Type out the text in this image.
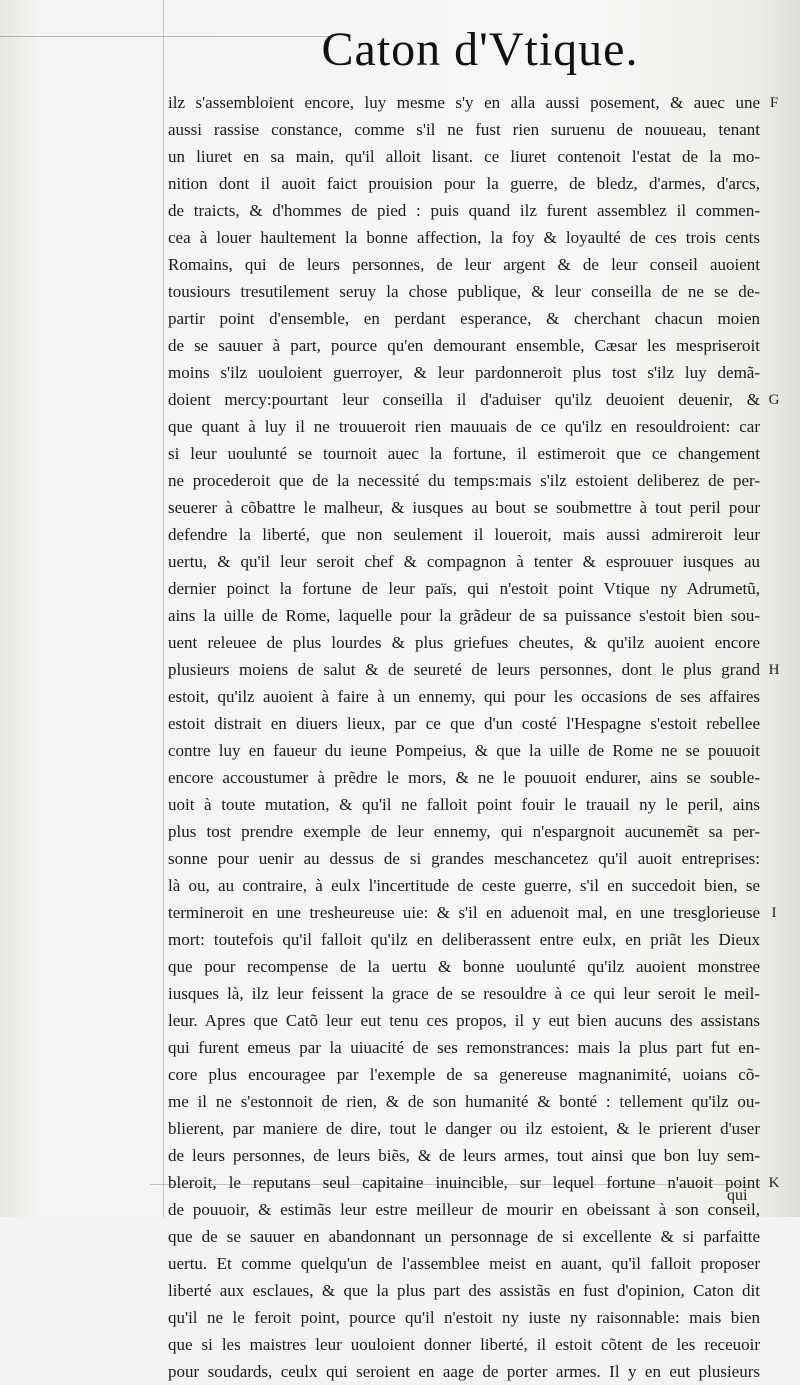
Caton d'Vtique.
ilz s'assembloient encore, luy mesme s'y en alla aussi posement, & auec une
aussi rassise constance, comme s'il ne fust rien suruenu de nouueau, tenant
un liuret en sa main, qu'il alloit lisant. ce liuret contenoit l'estat de la mo-
nition dont il auoit faict prouision pour la guerre, de bledz, d'armes, d'arcs,
de traicts, & d'hommes de pied : puis quand ilz furent assemblez il commen-
cea à louer haultement la bonne affection, la foy & loyaulté de ces trois cents
Romains, qui de leurs personnes, de leur argent & de leur conseil auoient
tousiours tresutilement seruy la chose publique, & leur conseilla de ne se de-
partir point d'ensemble, en perdant esperance, & cherchant chacun moien
de se sauuer à part, pource qu'en demourant ensemble, Cæsar les mespriseroit
moins s'ilz uouloient guerroyer, & leur pardonneroit plus tost s'ilz luy demã-
doient mercy:pourtant leur conseilla il d'aduiser qu'ilz deuoient deuenir, &
que quant à luy il ne trouueroit rien mauuais de ce qu'ilz en resouldroient: car
si leur uoulunté se tournoit auec la fortune, il estimeroit que ce changement
ne procederoit que de la necessité du temps:mais s'ilz estoient deliberez de per-
seuerer à cõbattre le malheur, & iusques au bout se soubmettre à tout peril pour
defendre la liberté, que non seulement il loueroit, mais aussi admireroit leur
uertu, & qu'il leur seroit chef & compagnon à tenter & esprouuer iusques au
dernier poinct la fortune de leur païs, qui n'estoit point Vtique ny Adrumetũ,
ains la uille de Rome, laquelle pour la grãdeur de sa puissance s'estoit bien sou-
uent releuee de plus lourdes & plus griefues cheutes, & qu'ilz auoient encore
plusieurs moiens de salut & de seureté de leurs personnes, dont le plus grand
estoit, qu'ilz auoient à faire à un ennemy, qui pour les occasions de ses affaires
estoit distrait en diuers lieux, par ce que d'un costé l'Hespagne s'estoit rebellee
contre luy en faueur du ieune Pompeius, & que la uille de Rome ne se pouuoit
encore accoustumer à prẽdre le mors, & ne le pouuoit endurer, ains se souble-
uoit à toute mutation, & qu'il ne falloit point fouir le trauail ny le peril, ains
plus tost prendre exemple de leur ennemy, qui n'espargnoit aucunemẽt sa per-
sonne pour uenir au dessus de si grandes meschancetez qu'il auoit entreprises:
là ou, au contraire, à eulx l'incertitude de ceste guerre, s'il en succedoit bien, se
termineroit en une tresheureuse uie: & s'il en aduenoit mal, en une tresglorieuse
mort: toutefois qu'il falloit qu'ilz en deliberassent entre eulx, en priãt les Dieux
que pour recompense de la uertu & bonne uoulunté qu'ilz auoient monstree
iusques là, ilz leur feissent la grace de se resouldre à ce qui leur seroit le meil-
leur. Apres que Catõ leur eut tenu ces propos, il y eut bien aucuns des assistans
qui furent emeus par la uiuacité de ses remonstrances: mais la plus part fut en-
core plus encouragee par l'exemple de sa genereuse magnanimité, uoians cõ-
me il ne s'estonnoit de rien, & de son humanité & bonté : tellement qu'ilz ou-
blierent, par maniere de dire, tout le danger ou ilz estoient, & le prierent d'user
de leurs personnes, de leurs biẽs, & de leurs armes, tout ainsi que bon luy sem-
bleroit, le reputans seul capitaine inuincible, sur lequel fortune n'auoit point
de pouuoir, & estimãs leur estre meilleur de mourir en obeissant à son conseil,
que de se sauuer en abandonnant un personnage de si excellente & si parfaitte
uertu. Et comme quelqu'un de l'assemblee meist en auant, qu'il falloit proposer
liberté aux esclaues, & que la plus part des assistãs en fust d'opinion, Caton dit
qu'il ne le feroit point, pource qu'il n'estoit ny iuste ny raisonnable: mais bien
que si les maistres leur uouloient donner liberté, il estoit cõtent de les receuoir
pour soudards, ceulx qui seroient en aage de porter armes. Il y en eut plusieurs
F
G
H
I
K
qui
